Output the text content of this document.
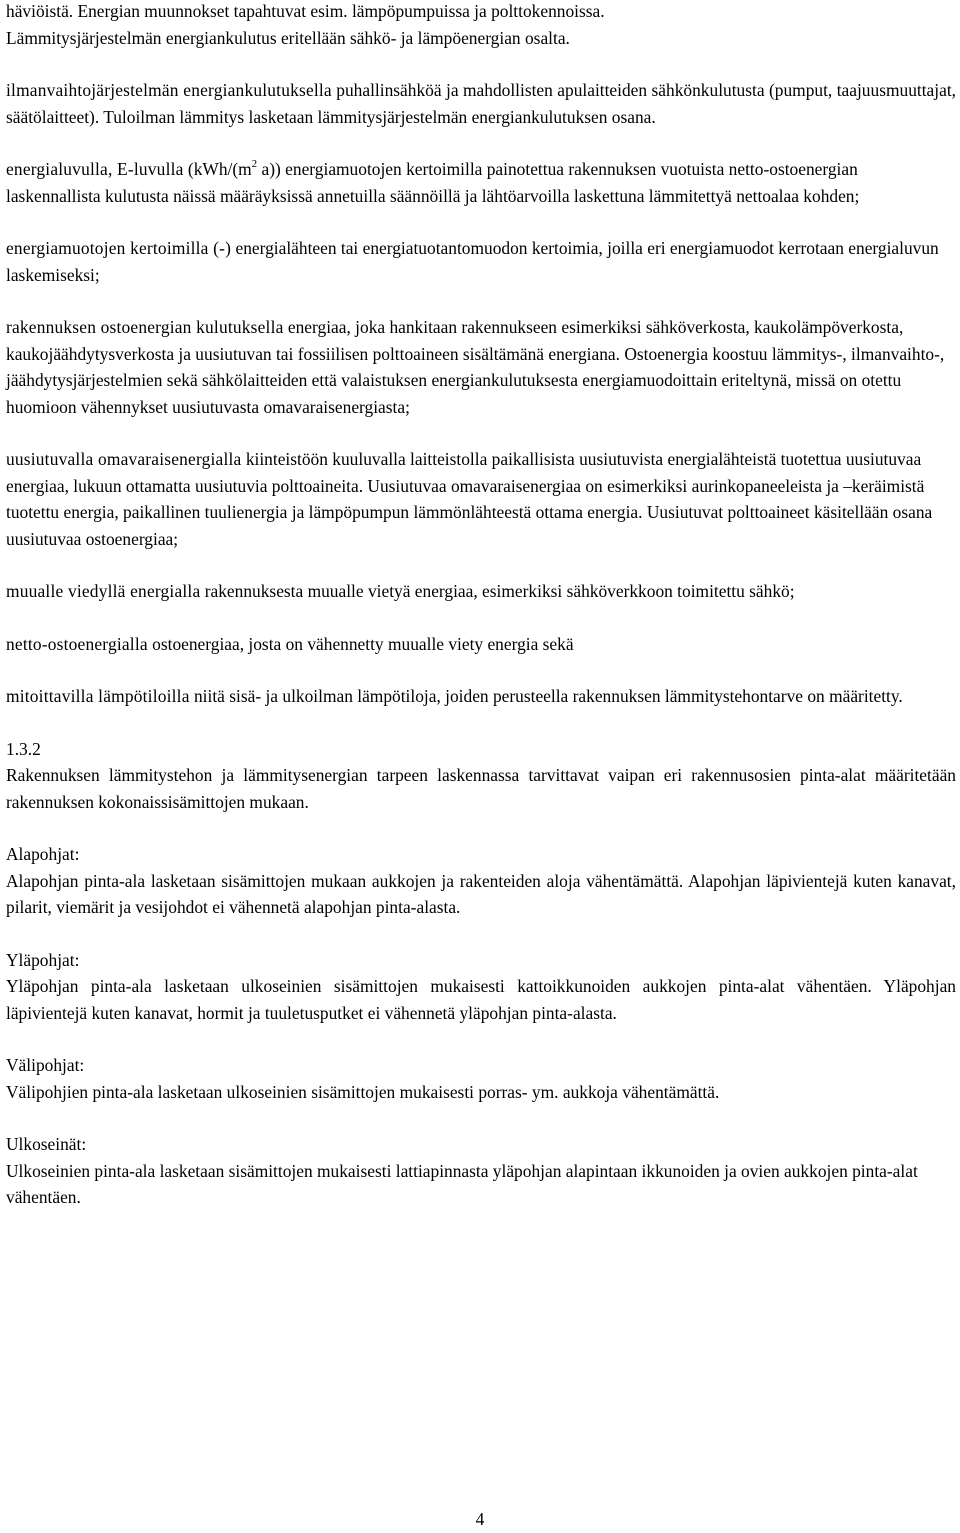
häviöistä. Energian muunnokset tapahtuvat esim. lämpöpumpuissa ja polttokennoissa.
Lämmitysjärjestelmän energiankulutus eritellään sähkö- ja lämpöenergian osalta.

ilmanvaihtojärjestelmän energiankulutuksella puhallinsähköä ja mahdollisten apulaitteiden sähkönkulutusta (pumput, taajuusmuuttajat, säätölaitteet). Tuloilman lämmitys lasketaan lämmitysjärjestelmän energiankulutuksen osana.

energialuvulla, E-luvulla ($kWh/(m^2$ a)) energiamuotojen kertoimilla painotettua rakennuksen vuotuista netto-ostoenergian laskennallista kulutusta näissä määräyksissä annetuilla säännöillä ja lähtöarvoilla laskettuna lämmitettyä nettoalaa kohden;

energiamuotojen kertoimilla (-) energialähteen tai energiatuotantomuodon kertoimia, joilla eri energiamuodot kerrotaan energialuvun laskemiseksi;

rakennuksen ostoenergian kulutuksella energiaa, joka hankitaan rakennukseen esimerkiksi sähköverkosta, kaukolämpöverkosta, kaukojäähdytysverkosta ja uusiutuvan tai fossiilisen polttoaineen sisältämänä energiana. Ostoenergia koostuu lämmitys-, ilmanvaihto-, jäähdytysjärjestelmien sekä sähkölaitteiden että valaistuksen energiankulutuksesta energiamuodoittain eriteltynä, missä on otettu huomioon vähennykset uusiutuvasta omavaraisenergiasta;

uusiutuvalla omavaraisenergialla kiinteistöön kuuluvalla laitteistolla paikallisista uusiutuvista energialähteistä tuotettua uusiutuvaa energiaa, lukuun ottamatta uusiutuvia polttoaineita. Uusiutuvaa omavaraisenergiaa on esimerkiksi aurinkopaneeleista ja –keräimistä tuotettu energia, paikallinen tuulienergia ja lämpöpumpun lämmönlähteestä ottama energia. Uusiutuvat polttoaineet käsitellään osana uusiutuvaa ostoenergiaa;

muualle viedyllä energialla rakennuksesta muualle vietyä energiaa, esimerkiksi sähköverkkoon toimitettu sähkö;

netto-ostoenergialla ostoenergiaa, josta on vähennetty muualle viety energia sekä

mitoittavilla lämpötiloilla niitä sisä- ja ulkoilman lämpötiloja, joiden perusteella rakennuksen lämmitystehontarve on määritetty.

1.3.2
Rakennuksen lämmitystehon ja lämmitysenergian tarpeen laskennassa tarvittavat vaipan eri rakennusosien pinta-alat määritetään rakennuksen kokonaissisämittojen mukaan.

Alapohjat:
Alapohjan pinta-ala lasketaan sisämittojen mukaan aukkojen ja rakenteiden aloja vähentämättä. Alapohjan läpivientejä kuten kanavat, pilarit, viemärit ja vesijohdot ei vähennetä alapohjan pinta-alasta.

Yläpohjat:
Yläpohjan pinta-ala lasketaan ulkoseinien sisämittojen mukaisesti kattoikkunoiden aukkojen pinta-alat vähentäen. Yläpohjan läpivientejä kuten kanavat, hormit ja tuuletusputket ei vähennetä yläpohjan pinta-alasta.

Välipohjat:
Välipohjien pinta-ala lasketaan ulkoseinien sisämittojen mukaisesti porras- ym. aukkoja vähentämättä.

Ulkoseinät:
Ulkoseinien pinta-ala lasketaan sisämittojen mukaisesti lattiapinnasta yläpohjan alapintaan ikkunoiden ja ovien aukkojen pinta-alat vähentäen.

4
